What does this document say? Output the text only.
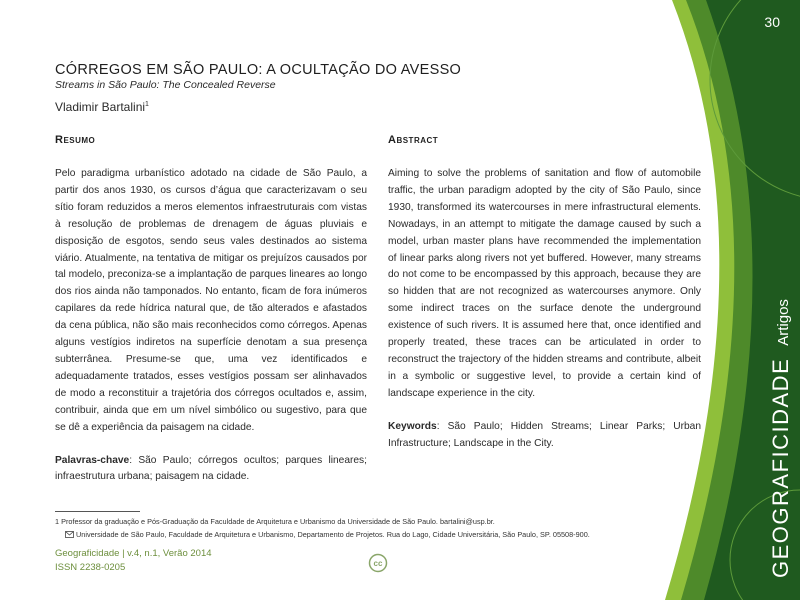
30
GEOGRAFICIDADEArtigos
CÓRREGOS EM SÃO PAULO: A OCULTAÇÃO DO AVESSO
Streams in São Paulo: The Concealed Reverse
Vladimir Bartalini$^1$
Resumo
Pelo paradigma urbanístico adotado na cidade de São Paulo, a partir dos anos 1930, os cursos d’água que caracterizavam o seu sítio foram reduzidos a meros elementos infraestruturais com vistas à resolução de problemas de drenagem de águas pluviais e disposição de esgotos, sendo seus vales destinados ao sistema viário. Atualmente, na tentativa de mitigar os prejuízos causados por tal modelo, preconiza-se a implantação de parques lineares ao longo dos rios ainda não tamponados. No entanto, ficam de fora inúmeros capilares da rede hídrica natural que, de tão alterados e afastados da cena pública, não são mais reconhecidos como córregos. Apenas alguns vestígios indiretos na superfície denotam a sua presença subterrânea. Presume-se que, uma vez identificados e adequadamente tratados, esses vestígios possam ser alinhavados de modo a reconstituir a trajetória dos córregos ocultados e, assim, contribuir, ainda que em um nível simbólico ou sugestivo, para que se dê a experiência da paisagem na cidade.
Palavras-chave: São Paulo; córregos ocultos; parques lineares; infraestrutura urbana; paisagem na cidade.
Abstract
Aiming to solve the problems of sanitation and flow of automobile traffic, the urban paradigm adopted by the city of São Paulo, since 1930, transformed its watercourses in mere infrastructural elements. Nowadays, in an attempt to mitigate the damage caused by such a model, urban master plans have recommended the implementation of linear parks along rivers not yet buffered. However, many streams do not come to be encompassed by this approach, because they are so hidden that are not recognized as watercourses anymore. Only some indirect traces on the surface denote the underground existence of such rivers. It is assumed here that, once identified and properly treated, these traces can be articulated in order to reconstruct the trajectory of the hidden streams and contribute, albeit in a symbolic or suggestive level, to provide a certain kind of landscape experience in the city.
Keywords: São Paulo; Hidden Streams; Linear Parks; Urban Infrastructure; Landscape in the City.
1 Professor da graduação e Pós-Graduação da Faculdade de Arquitetura e Urbanismo da Universidade de São Paulo. bartalini@usp.br.
Universidade de São Paulo, Faculdade de Arquitetura e Urbanismo, Departamento de Projetos. Rua do Lago, Cidade Universitária, São Paulo, SP. 05508-900.
Geograficidade | v.4, n.1, Verão 2014
ISSN 2238-0205	cc
